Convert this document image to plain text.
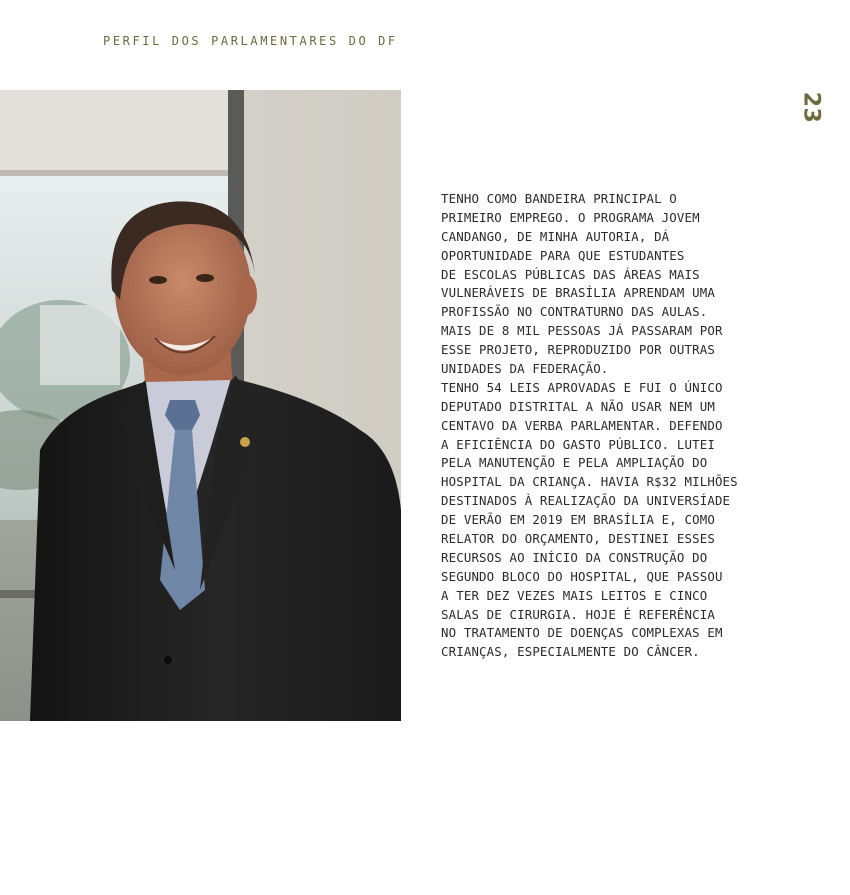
PERFIL DOS PARLAMENTARES DO DF
23
TENHO COMO BANDEIRA PRINCIPAL O
PRIMEIRO EMPREGO. O PROGRAMA JOVEM
CANDANGO, DE MINHA AUTORIA, DÁ
OPORTUNIDADE PARA QUE ESTUDANTES
DE ESCOLAS PÚBLICAS DAS ÁREAS MAIS
VULNERÁVEIS DE BRASÍLIA APRENDAM UMA
PROFISSÃO NO CONTRATURNO DAS AULAS.
MAIS DE 8 MIL PESSOAS JÁ PASSARAM POR
ESSE PROJETO, REPRODUZIDO POR OUTRAS
UNIDADES DA FEDERAÇÃO.
TENHO 54 LEIS APROVADAS E FUI O ÚNICO
DEPUTADO DISTRITAL A NÃO USAR NEM UM
CENTAVO DA VERBA PARLAMENTAR. DEFENDO
A EFICIÊNCIA DO GASTO PÚBLICO. LUTEI
PELA MANUTENÇÃO E PELA AMPLIAÇÃO DO
HOSPITAL DA CRIANÇA. HAVIA R$32 MILHÕES
DESTINADOS À REALIZAÇÃO DA UNIVERSÍADE
DE VERÃO EM 2019 EM BRASÍLIA E, COMO
RELATOR DO ORÇAMENTO, DESTINEI ESSES
RECURSOS AO INÍCIO DA CONSTRUÇÃO DO
SEGUNDO BLOCO DO HOSPITAL, QUE PASSOU
A TER DEZ VEZES MAIS LEITOS E CINCO
SALAS DE CIRURGIA. HOJE É REFERÊNCIA
NO TRATAMENTO DE DOENÇAS COMPLEXAS EM
CRIANÇAS, ESPECIALMENTE DO CÂNCER.
